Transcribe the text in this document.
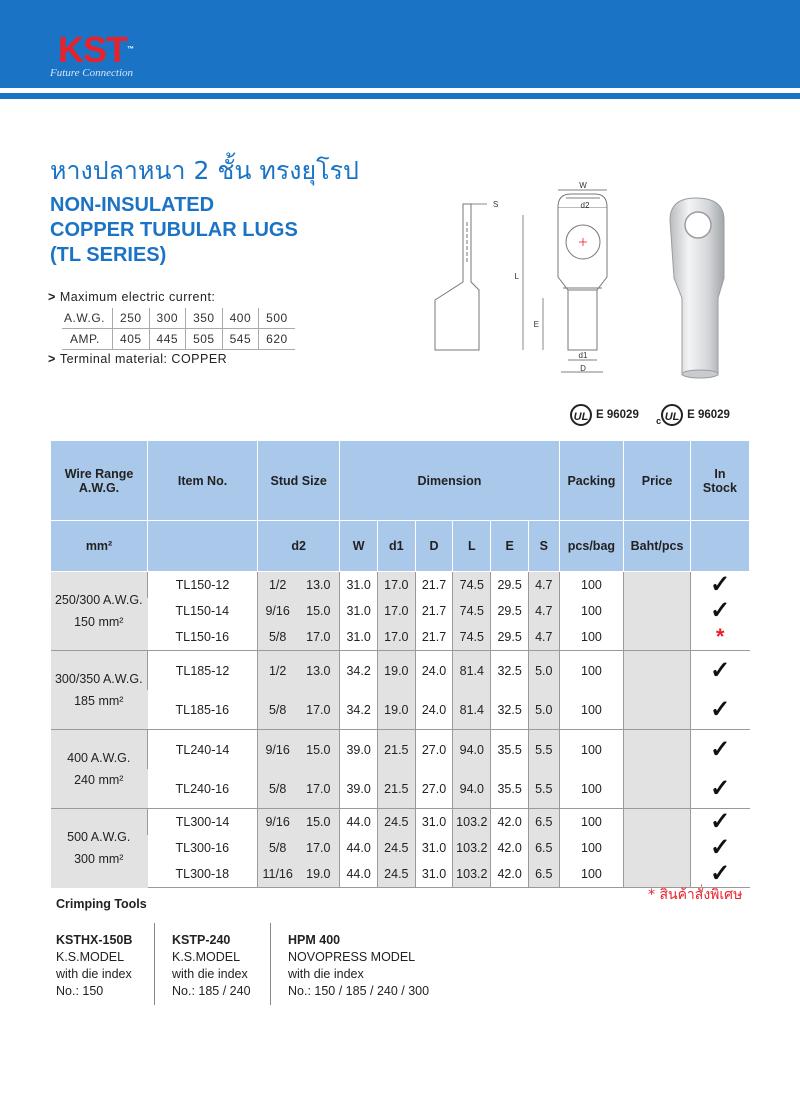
KST™
Future Connection
หางปลาหนา 2 ชั้น ทรงยุโรป
NON-INSULATED
COPPER TUBULAR LUGS
(TL SERIES)
> Maximum electric current:
A.W.G.	250	300	350	400	500
AMP.	405	445	505	545	620
> Terminal material: COPPER
W
d2
S
L
E
d1
D
UL E 96029 c UL E 96029
Wire Range A.W.G.	Item No.	Stud Size		Dimension						Packing	Price	In Stock
mm²		d2		W	d1	D	L	E	S	pcs/bag	Baht/pcs	

250/300 A.W.G.
150 mm²	TL150-12	1/2	13.0	31.0	17.0	21.7	74.5	29.5	4.7	100		✓
	TL150-14	9/16	15.0	31.0	17.0	21.7	74.5	29.5	4.7	100		✓
	TL150-16	5/8	17.0	31.0	17.0	21.7	74.5	29.5	4.7	100		*

300/350 A.W.G.
185 mm²	TL185-12	1/2	13.0	34.2	19.0	24.0	81.4	32.5	5.0	100		✓
	TL185-16	5/8	17.0	34.2	19.0	24.0	81.4	32.5	5.0	100		✓

400 A.W.G.
240 mm²	TL240-14	9/16	15.0	39.0	21.5	27.0	94.0	35.5	5.5	100		✓
	TL240-16	5/8	17.0	39.0	21.5	27.0	94.0	35.5	5.5	100		✓

500 A.W.G.
300 mm²	TL300-14	9/16	15.0	44.0	24.5	31.0	103.2	42.0	6.5	100		✓
	TL300-16	5/8	17.0	44.0	24.5	31.0	103.2	42.0	6.5	100		✓
	TL300-18	11/16	19.0	44.0	24.5	31.0	103.2	42.0	6.5	100		✓
* สินค้าสั่งพิเศษ
Crimping Tools
KSTHX-150B
K.S.MODEL
with die index
No.: 150
KSTP-240
K.S.MODEL
with die index
No.: 185 / 240
HPM 400
NOVOPRESS MODEL
with die index
No.: 150 / 185 / 240 / 300
